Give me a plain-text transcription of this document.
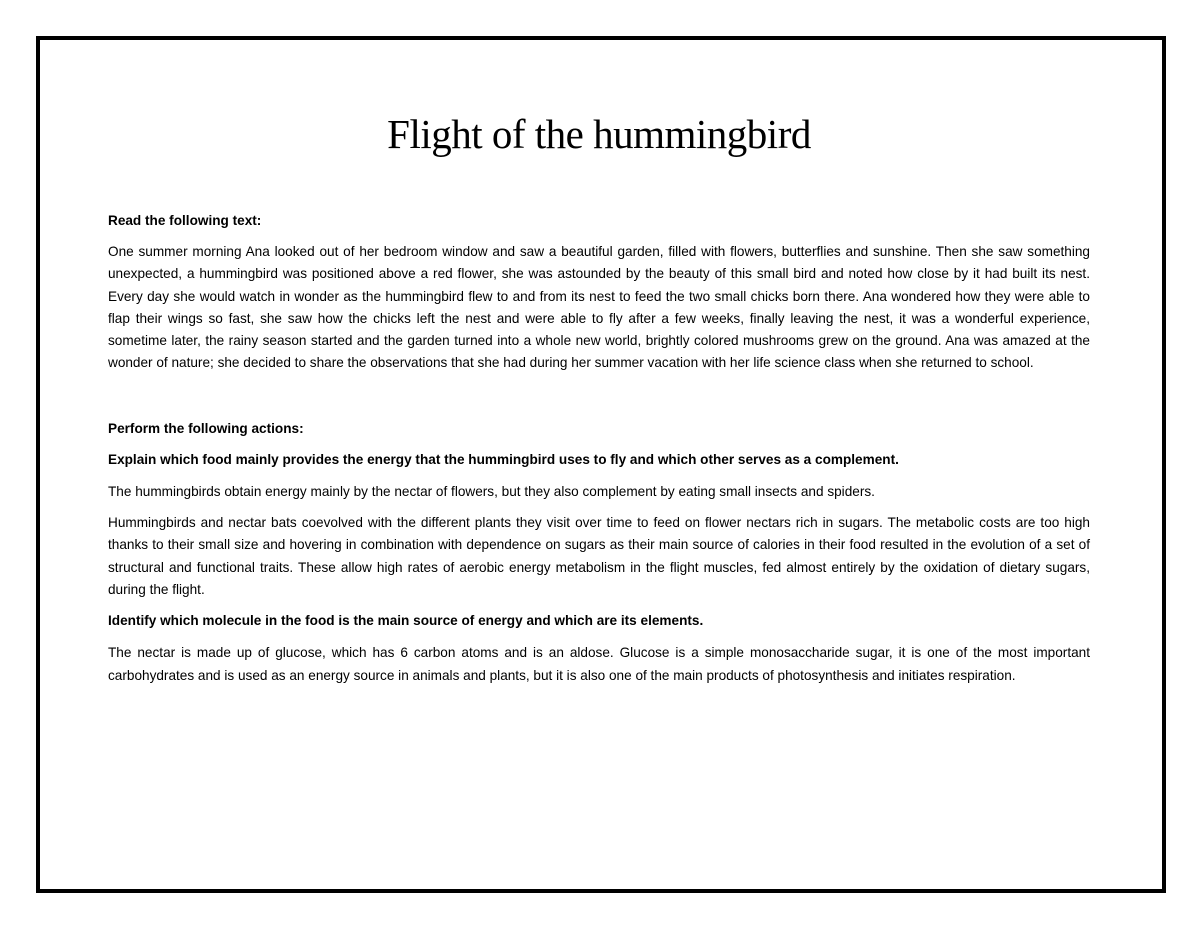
Flight of the hummingbird

Read the following text:

One summer morning Ana looked out of her bedroom window and saw a beautiful garden, filled with flowers, butterflies and sunshine. Then she saw something unexpected, a hummingbird was positioned above a red flower, she was astounded by the beauty of this small bird and noted how close by it had built its nest. Every day she would watch in wonder as the hummingbird flew to and from its nest to feed the two small chicks born there. Ana wondered how they were able to flap their wings so fast, she saw how the chicks left the nest and were able to fly after a few weeks, finally leaving the nest, it was a wonderful experience, sometime later, the rainy season started and the garden turned into a whole new world, brightly colored mushrooms grew on the ground. Ana was amazed at the wonder of nature; she decided to share the observations that she had during her summer vacation with her life science class when she returned to school.

Perform the following actions:

Explain which food mainly provides the energy that the hummingbird uses to fly and which other serves as a complement.

The hummingbirds obtain energy mainly by the nectar of flowers, but they also complement by eating small insects and spiders.

Hummingbirds and nectar bats coevolved with the different plants they visit over time to feed on flower nectars rich in sugars. The metabolic costs are too high thanks to their small size and hovering in combination with dependence on sugars as their main source of calories in their food resulted in the evolution of a set of structural and functional traits. These allow high rates of aerobic energy metabolism in the flight muscles, fed almost entirely by the oxidation of dietary sugars, during the flight.

Identify which molecule in the food is the main source of energy and which are its elements.

The nectar is made up of glucose, which has 6 carbon atoms and is an aldose. Glucose is a simple monosaccharide sugar, it is one of the most important carbohydrates and is used as an energy source in animals and plants, but it is also one of the main products of photosynthesis and initiates respiration.
